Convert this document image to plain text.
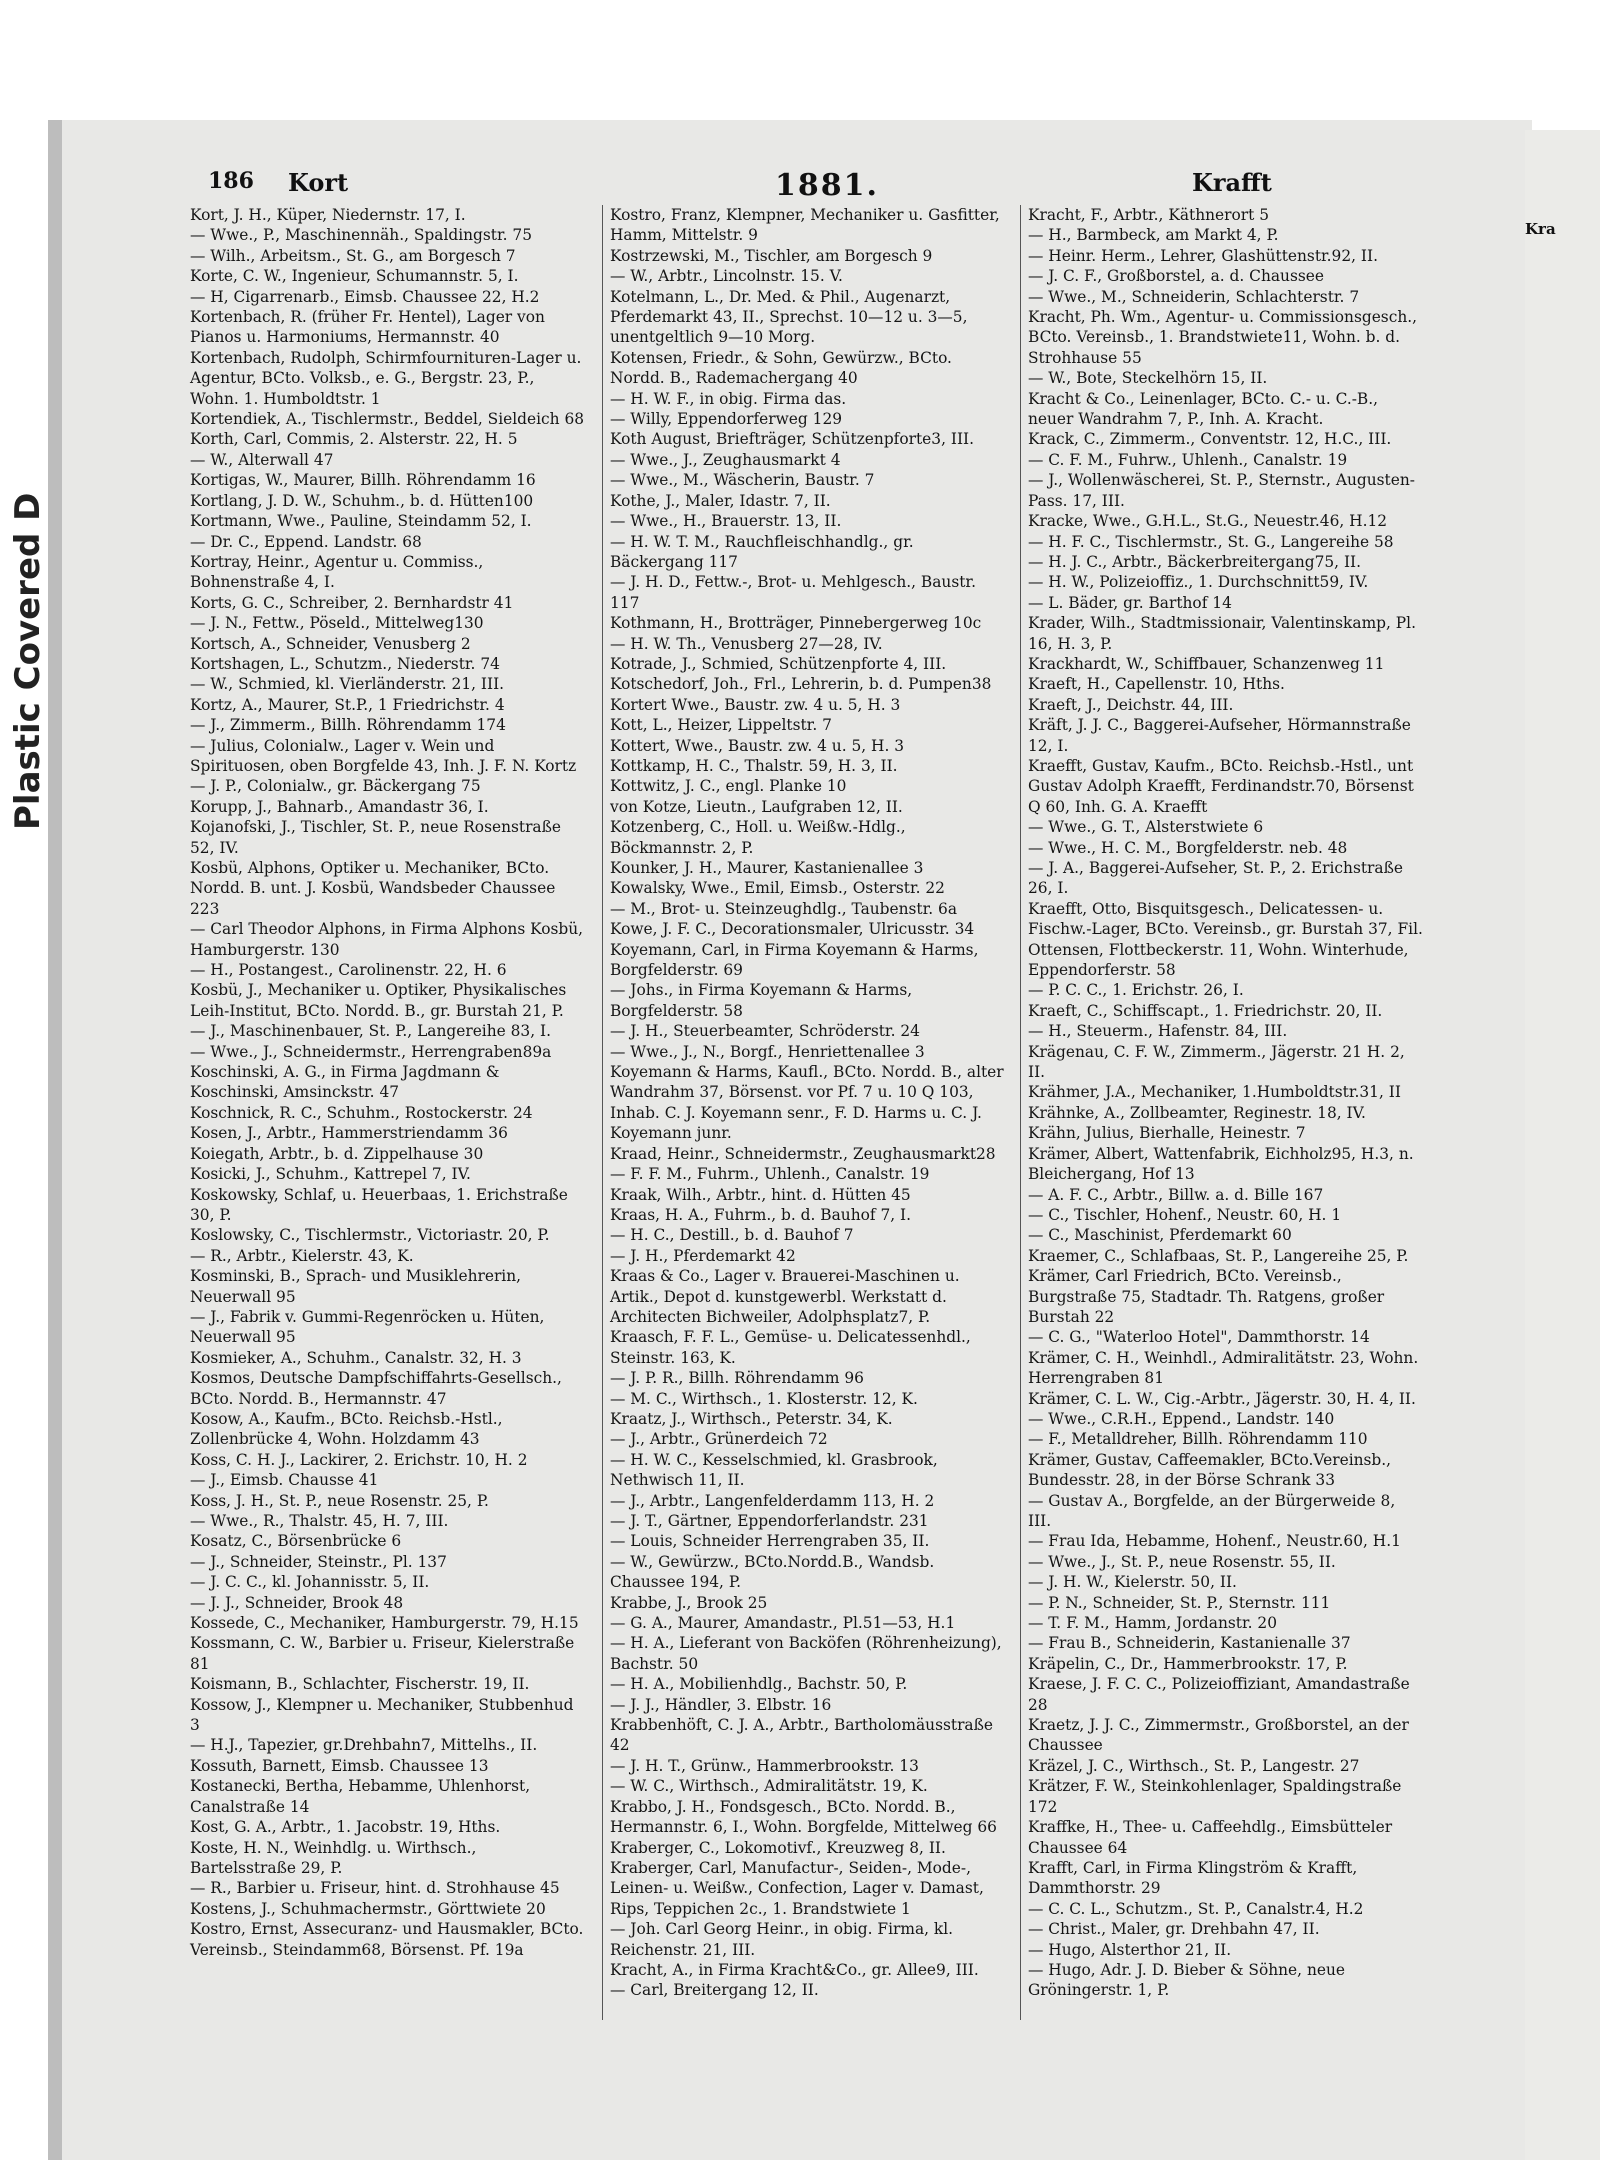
Plastic Covered D
Kra
186 Kort	1881.	Krafft

Kort, J. H., Küper, Niedernstr. 17, I.

— Wwe., P., Maschinennäh., Spaldingstr. 75

— Wilh., Arbeitsm., St. G., am Borgesch 7

Korte, C. W., Ingenieur, Schumannstr. 5, I.

— H, Cigarrenarb., Eimsb. Chaussee 22, H.2

Kortenbach, R. (früher Fr. Hentel), Lager von Pianos u. Harmoniums, Hermannstr. 40

Kortenbach, Rudolph, Schirmfournituren-Lager u. Agentur, BCto. Volksb., e. G., Bergstr. 23, P., Wohn. 1. Humboldtstr. 1

Kortendiek, A., Tischlermstr., Beddel, Sieldeich 68

Korth, Carl, Commis, 2. Alsterstr. 22, H. 5

— W., Alterwall 47

Kortigas, W., Maurer, Billh. Röhrendamm 16

Kortlang, J. D. W., Schuhm., b. d. Hütten100

Kortmann, Wwe., Pauline, Steindamm 52, I.

— Dr. C., Eppend. Landstr. 68

Kortray, Heinr., Agentur u. Commiss., Bohnenstraße 4, I.

Korts, G. C., Schreiber, 2. Bernhardstr 41

— J. N., Fettw., Pöseld., Mittelweg130

Kortsch, A., Schneider, Venusberg 2

Kortshagen, L., Schutzm., Niederstr. 74

— W., Schmied, kl. Vierländerstr. 21, III.

Kortz, A., Maurer, St.P., 1 Friedrichstr. 4

— J., Zimmerm., Billh. Röhrendamm 174

— Julius, Colonialw., Lager v. Wein und Spirituosen, oben Borgfelde 43, Inh. J. F. N. Kortz

— J. P., Colonialw., gr. Bäckergang 75

Korupp, J., Bahnarb., Amandastr 36, I.

Kojanofski, J., Tischler, St. P., neue Rosenstraße 52, IV.

Kosbü, Alphons, Optiker u. Mechaniker, BCto. Nordd. B. unt. J. Kosbü, Wandsbeder Chaussee 223

— Carl Theodor Alphons, in Firma Alphons Kosbü, Hamburgerstr. 130

— H., Postangest., Carolinenstr. 22, H. 6

Kosbü, J., Mechaniker u. Optiker, Physikalisches Leih-Institut, BCto. Nordd. B., gr. Burstah 21, P.

— J., Maschinenbauer, St. P., Langereihe 83, I.

— Wwe., J., Schneidermstr., Herrengraben89a

Koschinski, A. G., in Firma Jagdmann & Koschinski, Amsinckstr. 47

Koschnick, R. C., Schuhm., Rostockerstr. 24

Kosen, J., Arbtr., Hammerstriendamm 36

Koiegath, Arbtr., b. d. Zippelhause 30

Kosicki, J., Schuhm., Kattrepel 7, IV.

Koskowsky, Schlaf, u. Heuerbaas, 1. Erichstraße 30, P.

Koslowsky, C., Tischlermstr., Victoriastr. 20, P.

— R., Arbtr., Kielerstr. 43, K.

Kosminski, B., Sprach- und Musiklehrerin, Neuerwall 95

— J., Fabrik v. Gummi-Regenröcken u. Hüten, Neuerwall 95

Kosmieker, A., Schuhm., Canalstr. 32, H. 3

Kosmos, Deutsche Dampfschiffahrts-Gesellsch., BCto. Nordd. B., Hermannstr. 47

Kosow, A., Kaufm., BCto. Reichsb.-Hstl., Zollenbrücke 4, Wohn. Holzdamm 43

Koss, C. H. J., Lackirer, 2. Erichstr. 10, H. 2

— J., Eimsb. Chausse 41

Koss, J. H., St. P., neue Rosenstr. 25, P.

— Wwe., R., Thalstr. 45, H. 7, III.

Kosatz, C., Börsenbrücke 6

— J., Schneider, Steinstr., Pl. 137

— J. C. C., kl. Johannisstr. 5, II.

— J. J., Schneider, Brook 48

Kossede, C., Mechaniker, Hamburgerstr. 79, H.15

Kossmann, C. W., Barbier u. Friseur, Kielerstraße 81

Koismann, B., Schlachter, Fischerstr. 19, II.

Kossow, J., Klempner u. Mechaniker, Stubbenhud 3

— H.J., Tapezier, gr.Drehbahn7, Mittelhs., II.

Kossuth, Barnett, Eimsb. Chaussee 13

Kostanecki, Bertha, Hebamme, Uhlenhorst, Canalstraße 14

Kost, G. A., Arbtr., 1. Jacobstr. 19, Hths.

Koste, H. N., Weinhdlg. u. Wirthsch., Bartelsstraße 29, P.

— R., Barbier u. Friseur, hint. d. Strohhause 45

Kostens, J., Schuhmachermstr., Görttwiete 20

Kostro, Ernst, Assecuranz- und Hausmakler, BCto. Vereinsb., Steindamm68, Börsenst. Pf. 19a

Kostro, Franz, Klempner, Mechaniker u. Gasfitter, Hamm, Mittelstr. 9

Kostrzewski, M., Tischler, am Borgesch 9

— W., Arbtr., Lincolnstr. 15. V.

Kotelmann, L., Dr. Med. & Phil., Augenarzt, Pferdemarkt 43, II., Sprechst. 10—12 u. 3—5, unentgeltlich 9—10 Morg.

Kotensen, Friedr., & Sohn, Gewürzw., BCto. Nordd. B., Rademachergang 40

— H. W. F., in obig. Firma das.

— Willy, Eppendorferweg 129

Koth August, Briefträger, Schützenpforte3, III.

— Wwe., J., Zeughausmarkt 4

— Wwe., M., Wäscherin, Baustr. 7

Kothe, J., Maler, Idastr. 7, II.

— Wwe., H., Brauerstr. 13, II.

— H. W. T. M., Rauchfleischhandlg., gr. Bäckergang 117

— J. H. D., Fettw.-, Brot- u. Mehlgesch., Baustr. 117

Kothmann, H., Brotträger, Pinnebergerweg 10c

— H. W. Th., Venusberg 27—28, IV.

Kotrade, J., Schmied, Schützenpforte 4, III.

Kotschedorf, Joh., Frl., Lehrerin, b. d. Pumpen38

Kortert Wwe., Baustr. zw. 4 u. 5, H. 3

Kott, L., Heizer, Lippeltstr. 7

Kottert, Wwe., Baustr. zw. 4 u. 5, H. 3

Kottkamp, H. C., Thalstr. 59, H. 3, II.

Kottwitz, J. C., engl. Planke 10

von Kotze, Lieutn., Laufgraben 12, II.

Kotzenberg, C., Holl. u. Weißw.-Hdlg., Böckmannstr. 2, P.

Kounker, J. H., Maurer, Kastanienallee 3

Kowalsky, Wwe., Emil, Eimsb., Osterstr. 22

— M., Brot- u. Steinzeughdlg., Taubenstr. 6a

Kowe, J. F. C., Decorationsmaler, Ulricusstr. 34

Koyemann, Carl, in Firma Koyemann & Harms, Borgfelderstr. 69

— Johs., in Firma Koyemann & Harms, Borgfelderstr. 58

— J. H., Steuerbeamter, Schröderstr. 24

— Wwe., J., N., Borgf., Henriettenallee 3

Koyemann & Harms, Kaufl., BCto. Nordd. B., alter Wandrahm 37, Börsenst. vor Pf. 7 u. 10 Q 103, Inhab. C. J. Koyemann senr., F. D. Harms u. C. J. Koyemann junr.

Kraad, Heinr., Schneidermstr., Zeughausmarkt28

— F. F. M., Fuhrm., Uhlenh., Canalstr. 19

Kraak, Wilh., Arbtr., hint. d. Hütten 45

Kraas, H. A., Fuhrm., b. d. Bauhof 7, I.

— H. C., Destill., b. d. Bauhof 7

— J. H., Pferdemarkt 42

Kraas & Co., Lager v. Brauerei-Maschinen u. Artik., Depot d. kunstgewerbl. Werkstatt d. Architecten Bichweiler, Adolphsplatz7, P.

Kraasch, F. F. L., Gemüse- u. Delicatessenhdl., Steinstr. 163, K.

— J. P. R., Billh. Röhrendamm 96

— M. C., Wirthsch., 1. Klosterstr. 12, K.

Kraatz, J., Wirthsch., Peterstr. 34, K.

— J., Arbtr., Grünerdeich 72

— H. W. C., Kesselschmied, kl. Grasbrook, Nethwisch 11, II.

— J., Arbtr., Langenfelderdamm 113, H. 2

— J. T., Gärtner, Eppendorferlandstr. 231

— Louis, Schneider Herrengraben 35, II.

— W., Gewürzw., BCto.Nordd.B., Wandsb. Chaussee 194, P.

Krabbe, J., Brook 25

— G. A., Maurer, Amandastr., Pl.51—53, H.1

— H. A., Lieferant von Backöfen (Röhrenheizung), Bachstr. 50

— H. A., Mobilienhdlg., Bachstr. 50, P.

— J. J., Händler, 3. Elbstr. 16

Krabbenhöft, C. J. A., Arbtr., Bartholomäusstraße 42

— J. H. T., Grünw., Hammerbrookstr. 13

— W. C., Wirthsch., Admiralitätstr. 19, K.

Krabbo, J. H., Fondsgesch., BCto. Nordd. B., Hermannstr. 6, I., Wohn. Borgfelde, Mittelweg 66

Kraberger, C., Lokomotivf., Kreuzweg 8, II.

Kraberger, Carl, Manufactur-, Seiden-, Mode-, Leinen- u. Weißw., Confection, Lager v. Damast, Rips, Teppichen 2c., 1. Brandstwiete 1

— Joh. Carl Georg Heinr., in obig. Firma, kl. Reichenstr. 21, III.

Kracht, A., in Firma Kracht&Co., gr. Allee9, III.

— Carl, Breitergang 12, II.

Kracht, F., Arbtr., Käthnerort 5

— H., Barmbeck, am Markt 4, P.

— Heinr. Herm., Lehrer, Glashüttenstr.92, II.

— J. C. F., Großborstel, a. d. Chaussee

— Wwe., M., Schneiderin, Schlachterstr. 7

Kracht, Ph. Wm., Agentur- u. Commissionsgesch., BCto. Vereinsb., 1. Brandstwiete11, Wohn. b. d. Strohhause 55

— W., Bote, Steckelhörn 15, II.

Kracht & Co., Leinenlager, BCto. C.- u. C.-B., neuer Wandrahm 7, P., Inh. A. Kracht.

Krack, C., Zimmerm., Conventstr. 12, H.C., III.

— C. F. M., Fuhrw., Uhlenh., Canalstr. 19

— J., Wollenwäscherei, St. P., Sternstr., Augusten-Pass. 17, III.

Kracke, Wwe., G.H.L., St.G., Neuestr.46, H.12

— H. F. C., Tischlermstr., St. G., Langereihe 58

— H. J. C., Arbtr., Bäckerbreitergang75, II.

— H. W., Polizeioffiz., 1. Durchschnitt59, IV.

— L. Bäder, gr. Barthof 14

Krader, Wilh., Stadtmissionair, Valentinskamp, Pl. 16, H. 3, P.

Krackhardt, W., Schiffbauer, Schanzenweg 11

Kraeft, H., Capellenstr. 10, Hths.

Kraeft, J., Deichstr. 44, III.

Kräft, J. J. C., Baggerei-Aufseher, Hörmannstraße 12, I.

Kraefft, Gustav, Kaufm., BCto. Reichsb.-Hstl., unt Gustav Adolph Kraefft, Ferdinandstr.70, Börsenst Q 60, Inh. G. A. Kraefft

— Wwe., G. T., Alsterstwiete 6

— Wwe., H. C. M., Borgfelderstr. neb. 48

— J. A., Baggerei-Aufseher, St. P., 2. Erichstraße 26, I.

Kraefft, Otto, Bisquitsgesch., Delicatessen- u. Fischw.-Lager, BCto. Vereinsb., gr. Burstah 37, Fil. Ottensen, Flottbeckerstr. 11, Wohn. Winterhude, Eppendorferstr. 58

— P. C. C., 1. Erichstr. 26, I.

Kraeft, C., Schiffscapt., 1. Friedrichstr. 20, II.

— H., Steuerm., Hafenstr. 84, III.

Krägenau, C. F. W., Zimmerm., Jägerstr. 21 H. 2, II.

Krähmer, J.A., Mechaniker, 1.Humboldtstr.31, II

Krähnke, A., Zollbeamter, Reginestr. 18, IV.

Krähn, Julius, Bierhalle, Heinestr. 7

Krämer, Albert, Wattenfabrik, Eichholz95, H.3, n. Bleichergang, Hof 13

— A. F. C., Arbtr., Billw. a. d. Bille 167

— C., Tischler, Hohenf., Neustr. 60, H. 1

— C., Maschinist, Pferdemarkt 60

Kraemer, C., Schlafbaas, St. P., Langereihe 25, P.

Krämer, Carl Friedrich, BCto. Vereinsb., Burgstraße 75, Stadtadr. Th. Ratgens, großer Burstah 22

— C. G., "Waterloo Hotel", Dammthorstr. 14

Krämer, C. H., Weinhdl., Admiralitätstr. 23, Wohn. Herrengraben 81

Krämer, C. L. W., Cig.-Arbtr., Jägerstr. 30, H. 4, II.

— Wwe., C.R.H., Eppend., Landstr. 140

— F., Metalldreher, Billh. Röhrendamm 110

Krämer, Gustav, Caffeemakler, BCto.Vereinsb., Bundesstr. 28, in der Börse Schrank 33

— Gustav A., Borgfelde, an der Bürgerweide 8, III.

— Frau Ida, Hebamme, Hohenf., Neustr.60, H.1

— Wwe., J., St. P., neue Rosenstr. 55, II.

— J. H. W., Kielerstr. 50, II.

— P. N., Schneider, St. P., Sternstr. 111

— T. F. M., Hamm, Jordanstr. 20

— Frau B., Schneiderin, Kastanienalle 37

Kräpelin, C., Dr., Hammerbrookstr. 17, P.

Kraese, J. F. C. C., Polizeioffiziant, Amandastraße 28

Kraetz, J. J. C., Zimmermstr., Großborstel, an der Chaussee

Kräzel, J. C., Wirthsch., St. P., Langestr. 27

Krätzer, F. W., Steinkohlenlager, Spaldingstraße 172

Kraffke, H., Thee- u. Caffeehdlg., Eimsbütteler Chaussee 64

Krafft, Carl, in Firma Klingström & Krafft, Dammthorstr. 29

— C. C. L., Schutzm., St. P., Canalstr.4, H.2

— Christ., Maler, gr. Drehbahn 47, II.

— Hugo, Alsterthor 21, II.

— Hugo, Adr. J. D. Bieber & Söhne, neue Gröningerstr. 1, P.
